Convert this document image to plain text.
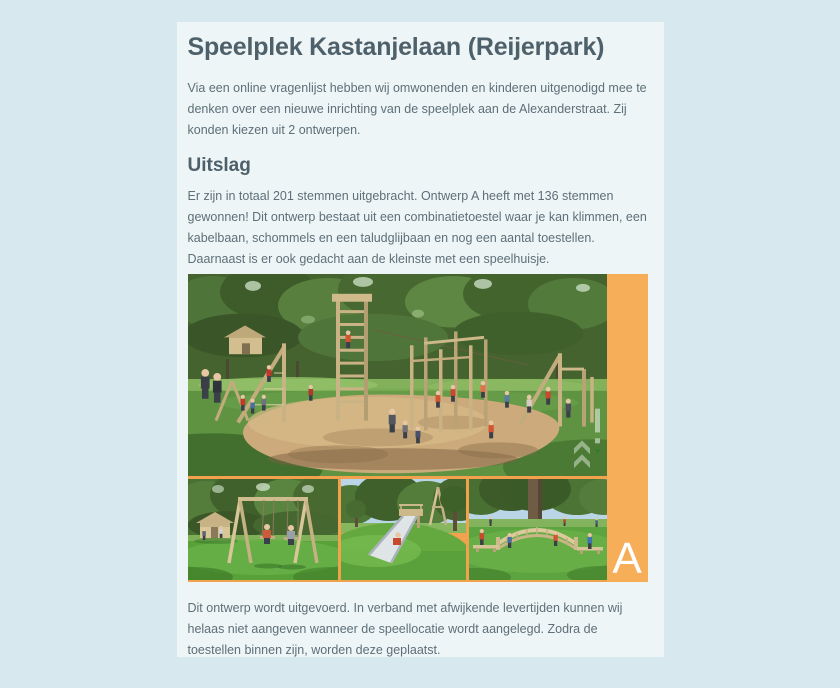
Speelplek Kastanjelaan (Reijerpark)

Via een online vragenlijst hebben wij omwonenden en kinderen uitgenodigd mee te denken over een nieuwe inrichting van de speelplek aan de Alexanderstraat. Zij konden kiezen uit 2 ontwerpen.

Uitslag

Er zijn in totaal 201 stemmen uitgebracht. Ontwerp A heeft met 136 stemmen gewonnen! Dit ontwerp bestaat uit een combinatietoestel waar je kan klimmen, een kabelbaan, schommels en een taludglijbaan en nog een aantal toestellen. Daarnaast is er ook gedacht aan de kleinste met een speelhuisje.

A

Dit ontwerp wordt uitgevoerd. In verband met afwijkende levertijden kunnen wij helaas niet aangeven wanneer de speellocatie wordt aangelegd. Zodra de toestellen binnen zijn, worden deze geplaatst.
